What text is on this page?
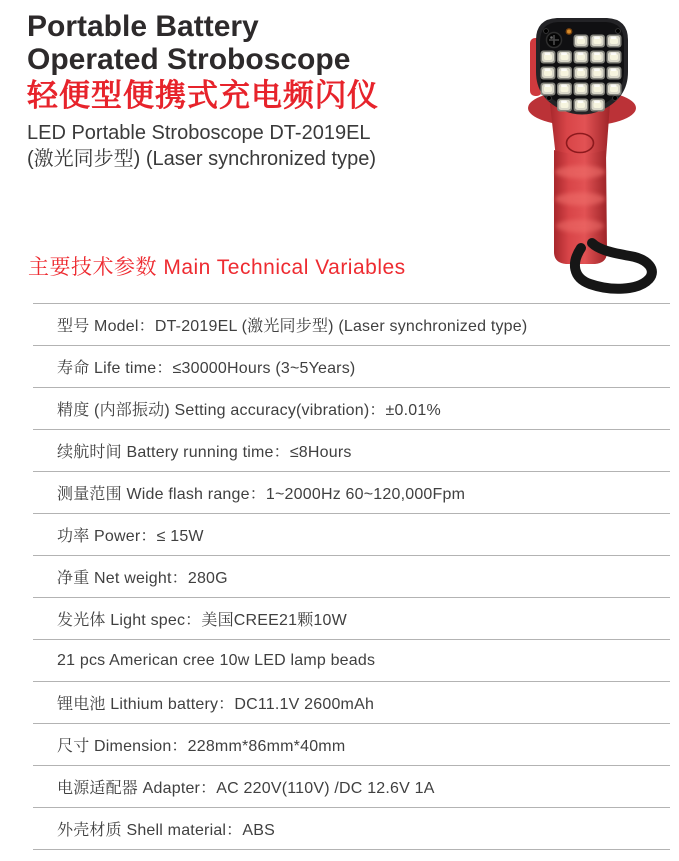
Portable Battery
Operated Stroboscope
轻便型便携式充电频闪仪
LED Portable Stroboscope DT-2019EL
(激光同步型) (Laser synchronized type)
主要技术参数 Main Technical Variables
型号 Model：DT-2019EL (激光同步型) (Laser synchronized type)
寿命 Life time：≤30000Hours (3~5Years)
精度 (内部振动) Setting accuracy(vibration)：±0.01%
续航时间 Battery running time：≤8Hours
测量范围 Wide flash range：1~2000Hz 60~120,000Fpm
功率 Power：≤ 15W
净重 Net weight：280G
发光体 Light spec：美国CREE21颗10W
21 pcs American cree 10w LED lamp beads
锂电池 Lithium battery：DC11.1V 2600mAh
尺寸 Dimension：228mm*86mm*40mm
电源适配器 Adapter：AC 220V(110V) /DC 12.6V 1A
外壳材质 Shell material：ABS
